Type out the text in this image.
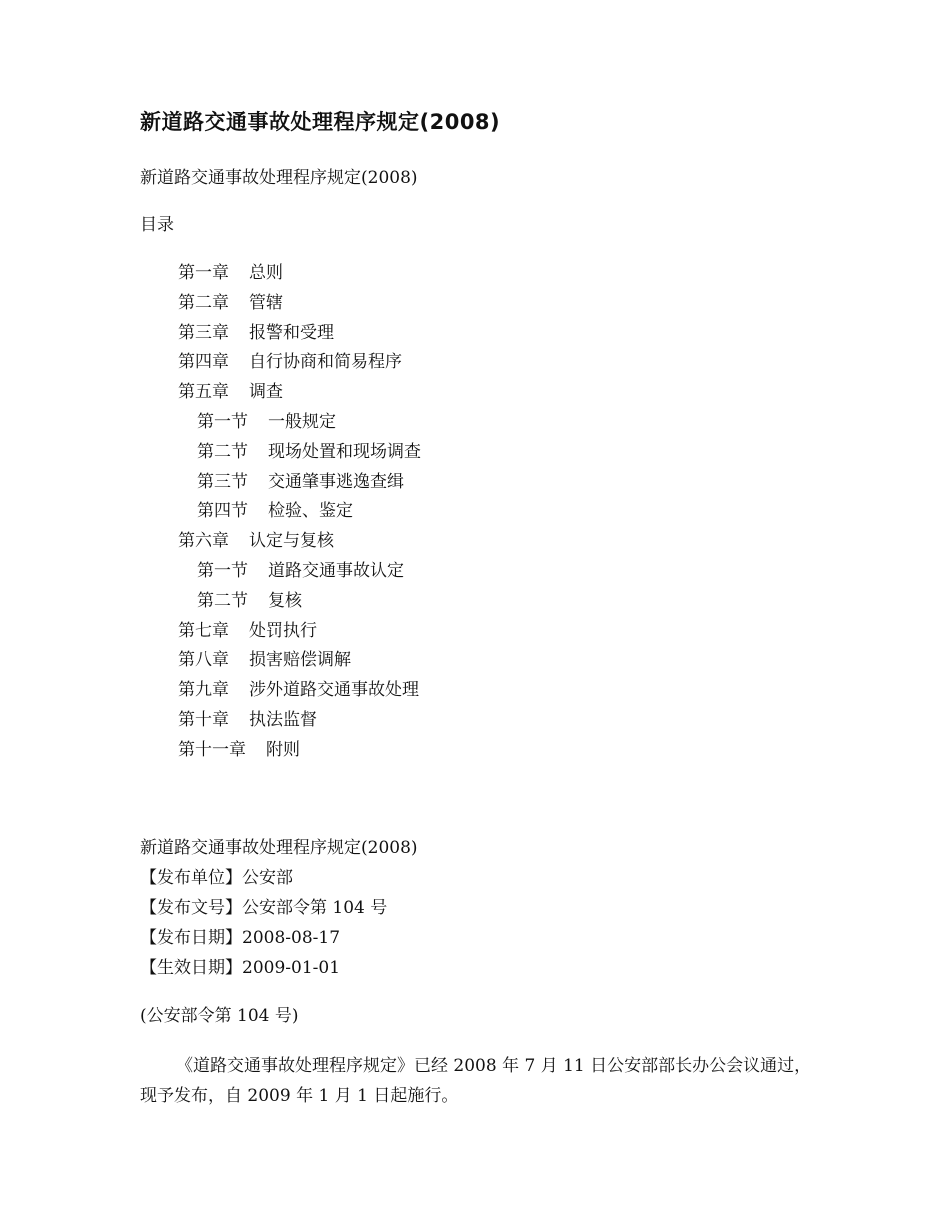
新道路交通事故处理程序规定(2008)
新道路交通事故处理程序规定(2008)
目录
第一章 总则
第二章 管辖
第三章 报警和受理
第四章 自行协商和简易程序
第五章 调查
第一节 一般规定
第二节 现场处置和现场调查
第三节 交通肇事逃逸查缉
第四节 检验、鉴定
第六章 认定与复核
第一节 道路交通事故认定
第二节 复核
第七章 处罚执行
第八章 损害赔偿调解
第九章 涉外道路交通事故处理
第十章 执法监督
第十一章 附则
新道路交通事故处理程序规定(2008)
【发布单位】公安部
【发布文号】公安部令第 104 号
【发布日期】2008-08-17
【生效日期】2009-01-01
(公安部令第 104 号)
《道路交通事故处理程序规定》已经 2008 年 7 月 11 日公安部部长办公会议通过，现予发布，自 2009 年 1 月 1 日起施行。
